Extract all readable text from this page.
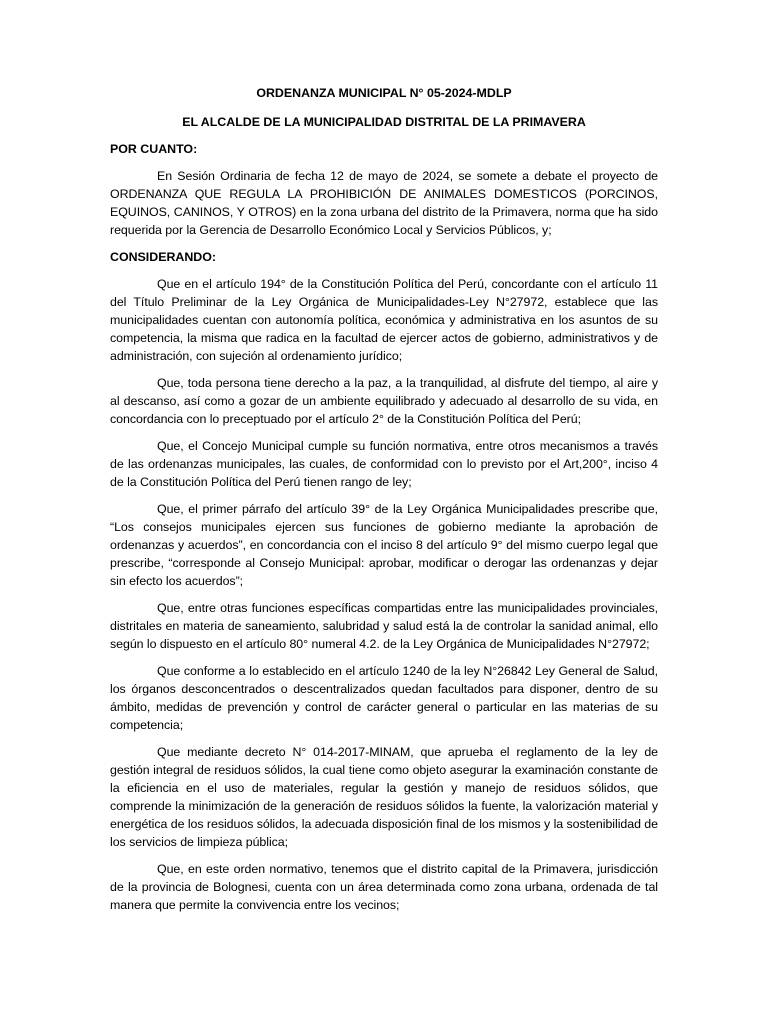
ORDENANZA MUNICIPAL N° 05-2024-MDLP

EL ALCALDE DE LA MUNICIPALIDAD DISTRITAL DE LA PRIMAVERA

POR CUANTO:

En Sesión Ordinaria de fecha 12 de mayo de 2024, se somete a debate el proyecto de ORDENANZA QUE REGULA LA PROHIBICIÓN DE ANIMALES DOMESTICOS (PORCINOS, EQUINOS, CANINOS, Y OTROS) en la zona urbana del distrito de la Primavera, norma que ha sido requerida por la Gerencia de Desarrollo Económico Local y Servicios Públicos, y;

CONSIDERANDO:

Que en el artículo 194° de la Constitución Política del Perú, concordante con el artículo 11 del Título Preliminar de la Ley Orgánica de Municipalidades-Ley N°27972, establece que las municipalidades cuentan con autonomía política, económica y administrativa en los asuntos de su competencia, la misma que radica en la facultad de ejercer actos de gobierno, administrativos y de administración, con sujeción al ordenamiento jurídico;

Que, toda persona tiene derecho a la paz, a la tranquilidad, al disfrute del tiempo, al aire y al descanso, así como a gozar de un ambiente equilibrado y adecuado al desarrollo de su vida, en concordancia con lo preceptuado por el artículo 2° de la Constitución Política del Perú;

Que, el Concejo Municipal cumple su función normativa, entre otros mecanismos a través de las ordenanzas municipales, las cuales, de conformidad con lo previsto por el Art,200°, inciso 4 de la Constitución Política del Perú tienen rango de ley;

Que, el primer párrafo del artículo 39° de la Ley Orgánica Municipalidades prescribe que, “Los consejos municipales ejercen sus funciones de gobierno mediante la aprobación de ordenanzas y acuerdos”, en concordancia con el inciso 8 del artículo 9° del mismo cuerpo legal que prescribe, “corresponde al Consejo Municipal: aprobar, modificar o derogar las ordenanzas y dejar sin efecto los acuerdos”;

Que, entre otras funciones específicas compartidas entre las municipalidades provinciales, distritales en materia de saneamiento, salubridad y salud está la de controlar la sanidad animal, ello según lo dispuesto en el artículo 80° numeral 4.2. de la Ley Orgánica de Municipalidades N°27972;

Que conforme a lo establecido en el artículo 1240 de la ley N°26842 Ley General de Salud, los órganos desconcentrados o descentralizados quedan facultados para disponer, dentro de su ámbito, medidas de prevención y control de carácter general o particular en las materias de su competencia;

Que mediante decreto N° 014-2017-MINAM, que aprueba el reglamento de la ley de gestión integral de residuos sólidos, la cual tiene como objeto asegurar la examinación constante de la eficiencia en el uso de materiales, regular la gestión y manejo de residuos sólidos, que comprende la minimización de la generación de residuos sólidos la fuente, la valorización material y energética de los residuos sólidos, la adecuada disposición final de los mismos y la sostenibilidad de los servicios de limpieza pública;

Que, en este orden normativo, tenemos que el distrito capital de la Primavera, jurisdicción de la provincia de Bolognesi, cuenta con un área determinada como zona urbana, ordenada de tal manera que permite la convivencia entre los vecinos;
